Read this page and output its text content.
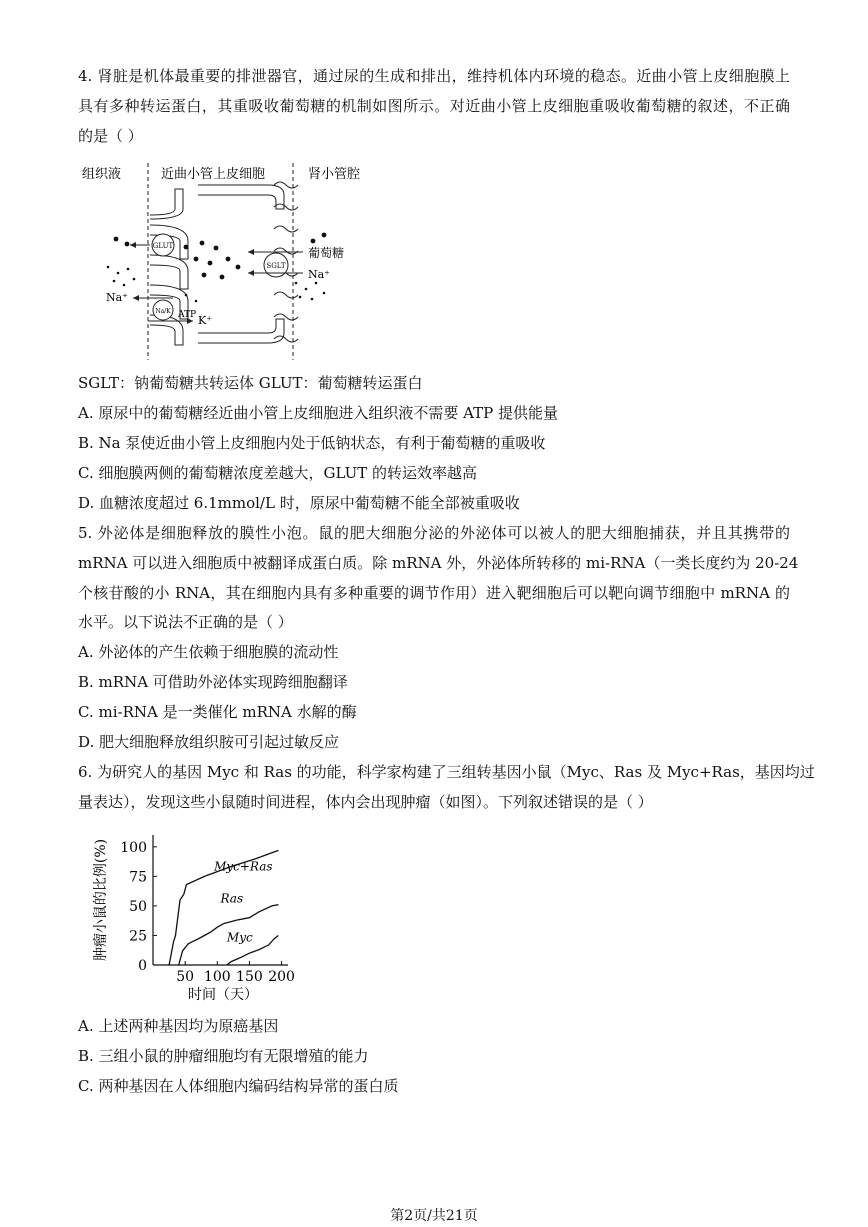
4. 肾脏是机体最重要的排泄器官，通过尿的生成和排出，维持机体内环境的稳态。近曲小管上皮细胞膜上
具有多种转运蛋白，其重吸收葡萄糖的机制如图所示。对近曲小管上皮细胞重吸收葡萄糖的叙述，不正确
的是（ ）
组织液	近曲小管上皮细胞	肾小管腔
GLUT
SGLT
葡萄糖
Na⁺
Na/K
Na⁺
ATP K⁺
SGLT：钠葡萄糖共转运体 GLUT：葡萄糖转运蛋白
A. 原尿中的葡萄糖经近曲小管上皮细胞进入组织液不需要 ATP 提供能量
B. Na 泵使近曲小管上皮细胞内处于低钠状态，有利于葡萄糖的重吸收
C. 细胞膜两侧的葡萄糖浓度差越大，GLUT 的转运效率越高
D. 血糖浓度超过 6.1mmol/L 时，原尿中葡萄糖不能全部被重吸收
5. 外泌体是细胞释放的膜性小泡。鼠的肥大细胞分泌的外泌体可以被人的肥大细胞捕获，并且其携带的
mRNA 可以进入细胞质中被翻译成蛋白质。除 mRNA 外，外泌体所转移的 mi-RNA（一类长度约为 20-24
个核苷酸的小 RNA，其在细胞内具有多种重要的调节作用）进入靶细胞后可以靶向调节细胞中 mRNA 的
水平。以下说法不正确的是（ ）
A. 外泌体的产生依赖于细胞膜的流动性
B. mRNA 可借助外泌体实现跨细胞翻译
C. mi-RNA 是一类催化 mRNA 水解的酶
D. 肥大细胞释放组织胺可引起过敏反应
6. 为研究人的基因 Myc 和 Ras 的功能，科学家构建了三组转基因小鼠（Myc、Ras 及 Myc+Ras，基因均过
量表达），发现这些小鼠随时间进程，体内会出现肿瘤（如图）。下列叙述错误的是（ ）
肿瘤小鼠的比例(%)
时间（天）
0
25
50
75
100
50 100 150 200
Myc+Ras
Ras
Myc
A. 上述两种基因均为原癌基因
B. 三组小鼠的肿瘤细胞均有无限增殖的能力
C. 两种基因在人体细胞内编码结构异常的蛋白质
第2页/共21页
